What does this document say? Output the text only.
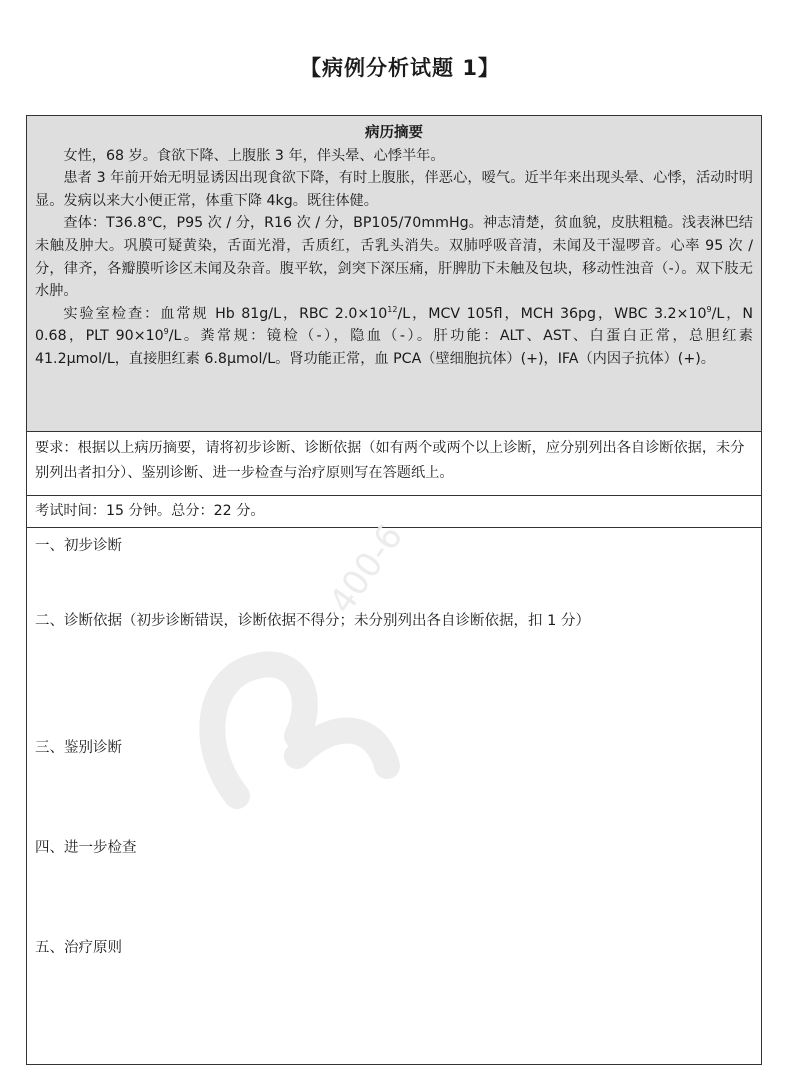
【病例分析试题 1】
病历摘要

女性，68 岁。食欲下降、上腹胀 3 年，伴头晕、心悸半年。

患者 3 年前开始无明显诱因出现食欲下降，有时上腹胀，伴恶心，嗳气。近半年来出现头晕、心悸，活动时明显。发病以来大小便正常，体重下降 4kg。既往体健。

查体：T36.8℃，P95 次 / 分，R16 次 / 分，BP105/70mmHg。神志清楚，贫血貌，皮肤粗糙。浅表淋巴结未触及肿大。巩膜可疑黄染，舌面光滑，舌质红，舌乳头消失。双肺呼吸音清，未闻及干湿啰音。心率 95 次 / 分，律齐，各瓣膜听诊区未闻及杂音。腹平软，剑突下深压痛，肝脾肋下未触及包块，移动性浊音（-）。双下肢无水肿。

实验室检查：血常规 Hb 81g/L，RBC $2.0\times 10^{12}/L$，MCV 105fl，MCH 36pg，WBC $3.2\times 10^9/L$，N 0.68，PLT $90\times 10^9/L$。粪常规：镜检（-），隐血（-）。肝功能：ALT、AST、白蛋白正常，总胆红素 41.2μmol/L，直接胆红素 6.8μmol/L。肾功能正常，血 PCA（壁细胞抗体）(+)，IFA（内因子抗体）(+)。

要求：根据以上病历摘要，请将初步诊断、诊断依据（如有两个或两个以上诊断，应分别列出各自诊断依据，未分别列出者扣分）、鉴别诊断、进一步检查与治疗原则写在答题纸上。
考试时间：15 分钟。总分：22 分。
400-6
一、初步诊断
二、诊断依据（初步诊断错误，诊断依据不得分；未分别列出各自诊断依据，扣 1 分）
三、鉴别诊断
四、进一步检查
五、治疗原则
